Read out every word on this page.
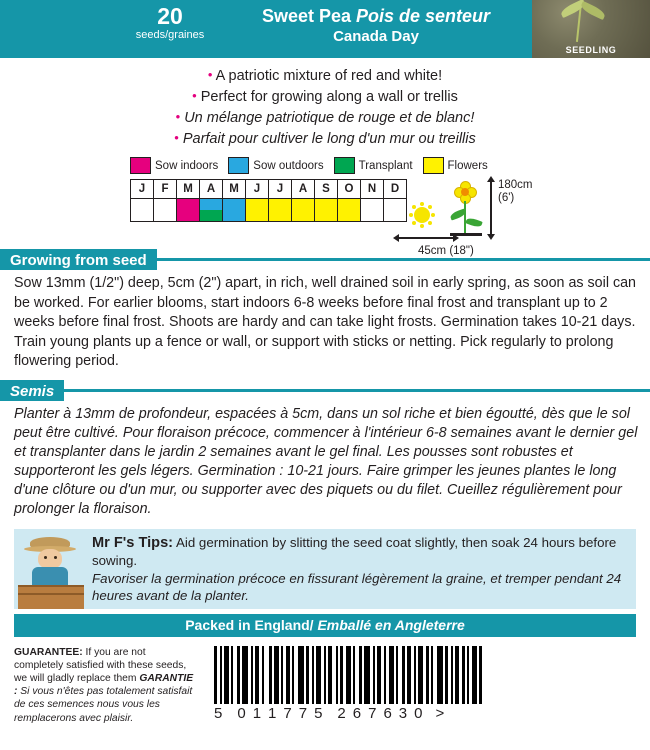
20
seeds/graines
Sweet Pea Pois de senteur
Canada Day
SEEDLING
• A patriotic mixture of red and white!
• Perfect for growing along a wall or trellis
• Un mélange patriotique de rouge et de blanc!
• Parfait pour cultiver le long d'un mur ou treillis
Sow indoors	Sow outdoors	Transplant	Flowers
J	F	M	A	M	J	J	A	S	O	N	D

		180cm
(6')
45cm (18")
Growing from seed
Sow 13mm (1/2") deep, 5cm (2") apart, in rich, well drained soil in early spring, as soon as soil can be worked. For earlier blooms, start indoors 6-8 weeks before final frost and transplant up to 2 weeks before final frost. Shoots are hardy and can take light frosts. Germination takes 10-21 days. Train young plants up a fence or wall, or support with sticks or netting. Pick regularly to prolong flowering period.
Semis
Planter à 13mm de profondeur, espacées à 5cm, dans un sol riche et bien égoutté, dès que le sol peut être cultivé. Pour floraison précoce, commencer à l'intérieur 6-8 semaines avant le dernier gel et transplanter dans le jardin 2 semaines avant le gel final. Les pousses sont robustes et supporteront les gels légers. Germination : 10-21 jours. Faire grimper les jeunes plantes le long d'une clôture ou d'un mur, ou supporter avec des piquets ou du filet. Cueillez régulièrement pour prolonger la floraison.
Mr F's Tips: Aid germination by slitting the seed coat slightly, then soak 24 hours before sowing.
Favoriser la germination précoce en fissurant légèrement la graine, et tremper pendant 24 heures avant de la planter.
Packed in England/ Emballé en Angleterre
GUARANTEE: If you are not completely satisfied with these seeds, we will gladly replace them GARANTIE : Si vous n'êtes pas totalement satisfait de ces semences nous vous les remplacerons avec plaisir.	5 0 1 1 7 7 5 2 6 7 6 3 0 >
